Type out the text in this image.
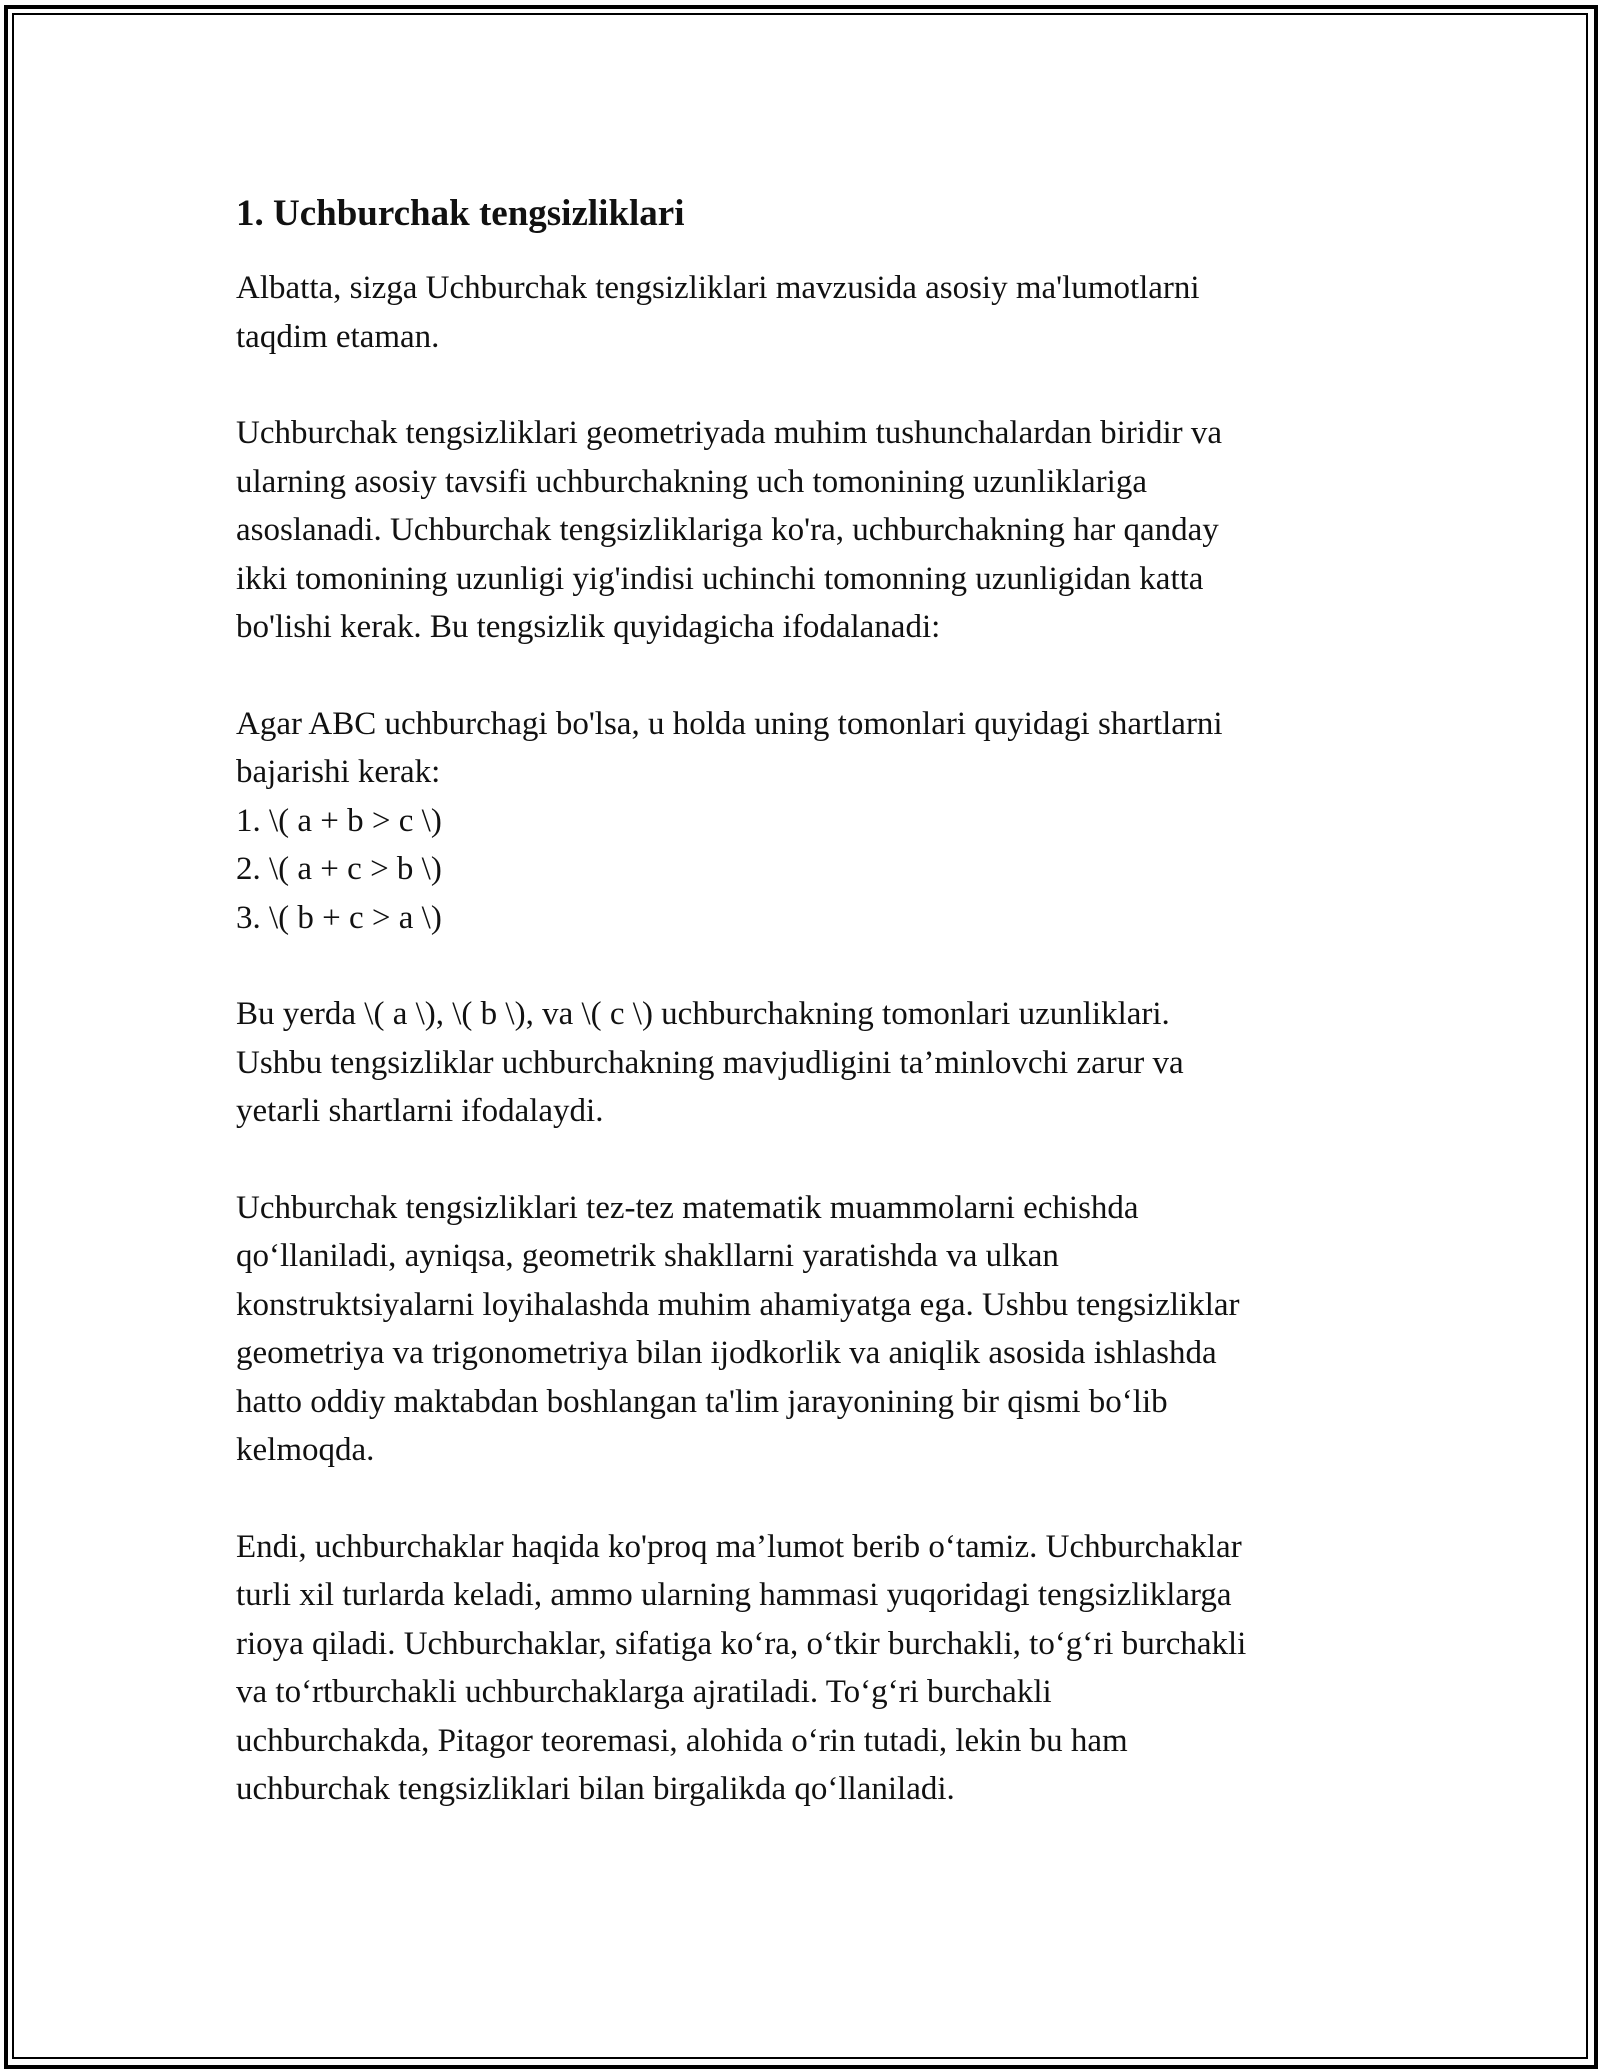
1. Uchburchak tengsizliklari

Albatta, sizga Uchburchak tengsizliklari mavzusida asosiy ma'lumotlarni
taqdim etaman.

Uchburchak tengsizliklari geometriyada muhim tushunchalardan biridir va
ularning asosiy tavsifi uchburchakning uch tomonining uzunliklariga
asoslanadi. Uchburchak tengsizliklariga ko'ra, uchburchakning har qanday
ikki tomonining uzunligi yig'indisi uchinchi tomonning uzunligidan katta
bo'lishi kerak. Bu tengsizlik quyidagicha ifodalanadi:

Agar ABC uchburchagi bo'lsa, u holda uning tomonlari quyidagi shartlarni
bajarishi kerak:
1. \( a + b > c \)
2. \( a + c > b \)
3. \( b + c > a \)

Bu yerda \( a \), \( b \), va \( c \) uchburchakning tomonlari uzunliklari.
Ushbu tengsizliklar uchburchakning mavjudligini ta’minlovchi zarur va
yetarli shartlarni ifodalaydi.

Uchburchak tengsizliklari tez-tez matematik muammolarni echishda
qo‘llaniladi, ayniqsa, geometrik shakllarni yaratishda va ulkan
konstruktsiyalarni loyihalashda muhim ahamiyatga ega. Ushbu tengsizliklar
geometriya va trigonometriya bilan ijodkorlik va aniqlik asosida ishlashda
hatto oddiy maktabdan boshlangan ta'lim jarayonining bir qismi bo‘lib
kelmoqda.

Endi, uchburchaklar haqida ko'proq ma’lumot berib o‘tamiz. Uchburchaklar
turli xil turlarda keladi, ammo ularning hammasi yuqoridagi tengsizliklarga
rioya qiladi. Uchburchaklar, sifatiga ko‘ra, o‘tkir burchakli, to‘g‘ri burchakli
va to‘rtburchakli uchburchaklarga ajratiladi. To‘g‘ri burchakli
uchburchakda, Pitagor teoremasi, alohida o‘rin tutadi, lekin bu ham
uchburchak tengsizliklari bilan birgalikda qo‘llaniladi.
